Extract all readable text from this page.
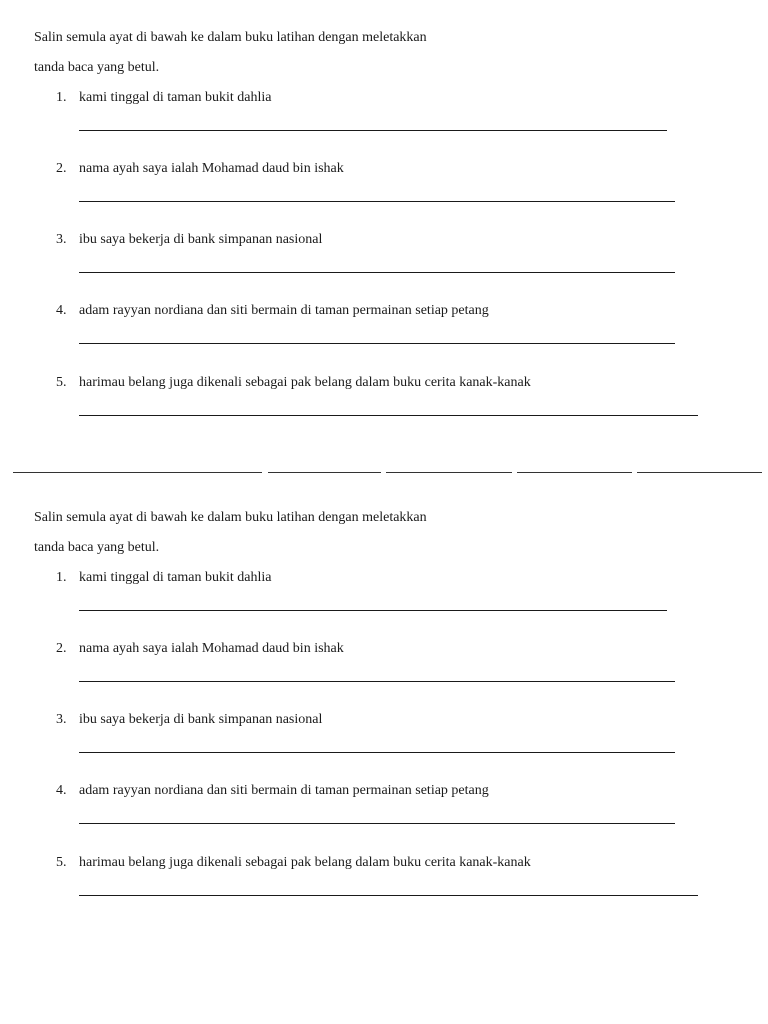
Salin semula ayat di bawah ke dalam buku latihan dengan meletakkan
tanda baca yang betul.
1. kami tinggal di taman bukit dahlia
2. nama ayah saya ialah Mohamad daud bin ishak
3. ibu saya bekerja di bank simpanan nasional
4. adam rayyan nordiana dan siti bermain di taman permainan setiap petang
5. harimau belang juga dikenali sebagai pak belang dalam buku cerita kanak-kanak
Salin semula ayat di bawah ke dalam buku latihan dengan meletakkan
tanda baca yang betul.
1. kami tinggal di taman bukit dahlia
2. nama ayah saya ialah Mohamad daud bin ishak
3. ibu saya bekerja di bank simpanan nasional
4. adam rayyan nordiana dan siti bermain di taman permainan setiap petang
5. harimau belang juga dikenali sebagai pak belang dalam buku cerita kanak-kanak
